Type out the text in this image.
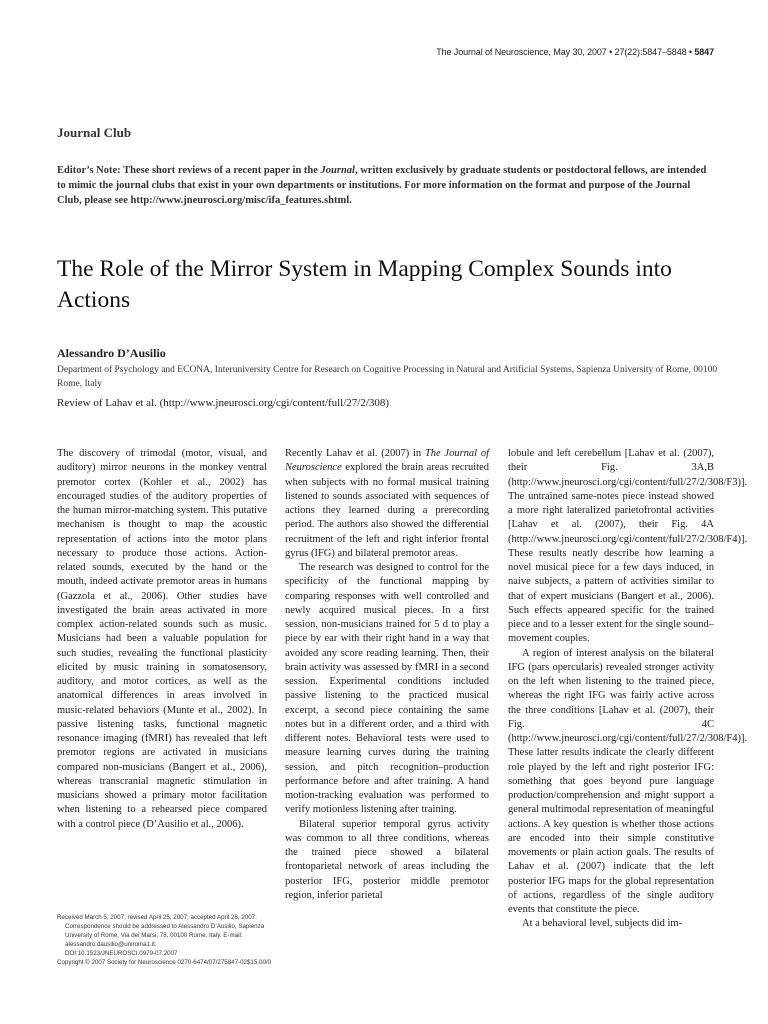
The Journal of Neuroscience, May 30, 2007 • 27(22):5847–5848 • 5847
Journal Club
Editor’s Note: These short reviews of a recent paper in the Journal, written exclusively by graduate students or postdoctoral fellows, are intended to mimic the journal clubs that exist in your own departments or institutions. For more information on the format and purpose of the Journal Club, please see http://www.jneurosci.org/misc/ifa_features.shtml.
The Role of the Mirror System in Mapping Complex Sounds into Actions
Alessandro D’Ausilio
Department of Psychology and ECONA, Interuniversity Centre for Research on Cognitive Processing in Natural and Artificial Systems, Sapienza University of Rome, 00100 Rome, Italy
Review of Lahav et al. (http://www.jneurosci.org/cgi/content/full/27/2/308)

The discovery of trimodal (motor, visual, and auditory) mirror neurons in the monkey ventral premotor cortex (Kohler et al., 2002) has encouraged studies of the auditory properties of the human mirror-matching system. This putative mechanism is thought to map the acoustic representation of actions into the motor plans necessary to produce those actions. Action-related sounds, executed by the hand or the mouth, indeed activate premotor areas in humans (Gazzola et al., 2006). Other studies have investigated the brain areas activated in more complex action-related sounds such as music. Musicians had been a valuable population for such studies, revealing the functional plasticity elicited by music training in somatosensory, auditory, and motor cortices, as well as the anatomical differences in areas involved in music-related behaviors (Munte et al., 2002). In passive listening tasks, functional magnetic resonance imaging (fMRI) has revealed that left premotor regions are activated in musicians compared non-musicians (Bangert et al., 2006), whereas transcranial magnetic stimulation in musicians showed a primary motor facilitation when listening to a rehearsed piece compared with a control piece (D’Ausilio et al., 2006).

Recently Lahav et al. (2007) in The Journal of Neuroscience explored the brain areas recruited when subjects with no formal musical training listened to sounds associated with sequences of actions they learned during a prerecording period. The authors also showed the differential recruitment of the left and right inferior frontal gyrus (IFG) and bilateral premotor areas.

The research was designed to control for the specificity of the functional mapping by comparing responses with well controlled and newly acquired musical pieces. In a first session, non-musicians trained for 5 d to play a piece by ear with their right hand in a way that avoided any score reading learning. Then, their brain activity was assessed by fMRI in a second session. Experimental conditions included passive listening to the practiced musical excerpt, a second piece containing the same notes but in a different order, and a third with different notes. Behavioral tests were used to measure learning curves during the training session, and pitch recognition–production performance before and after training. A hand motion-tracking evaluation was performed to verify motionless listening after training.

Bilateral superior temporal gyrus activity was common to all three conditions, whereas the trained piece showed a bilateral frontoparietal network of areas including the posterior IFG, posterior middle premotor region, inferior parietal

lobule and left cerebellum [Lahav et al. (2007), their Fig. 3A,B (http://www.jneurosci.org/cgi/content/full/27/2/308/F3)]. The untrained same-notes piece instead showed a more right lateralized parietofrontal activities [Lahav et al. (2007), their Fig. 4A (http://www.jneurosci.org/cgi/content/full/27/2/308/F4)]. These results neatly describe how learning a novel musical piece for a few days induced, in naive subjects, a pattern of activities similar to that of expert musicians (Bangert et al., 2006). Such effects appeared specific for the trained piece and to a lesser extent for the single sound–movement couples.

A region of interest analysis on the bilateral IFG (pars opercularis) revealed stronger activity on the left when listening to the trained piece, whereas the right IFG was fairly active across the three conditions [Lahav et al. (2007), their Fig. 4C (http://www.jneurosci.org/cgi/content/full/27/2/308/F4)]. These latter results indicate the clearly different role played by the left and right posterior IFG: something that goes beyond pure language production/comprehension and might support a general multimodal representation of meaningful actions. A key question is whether those actions are encoded into their simple constitutive movements or plain action goals. The results of Lahav et al. (2007) indicate that the left posterior IFG maps for the global representation of actions, regardless of the single auditory events that constitute the piece.

At a behavioral level, subjects did im-

Received March 5, 2007; revised April 25, 2007; accepted April 26, 2007.
Correspondence should be addressed to Alessandro D’Ausilio, Sapienza University of Rome, Via dei Marsi, 78, 00100 Rome, Italy. E-mail: alessandro.dausilio@uniroma1.it.
DOI:10.1523/JNEUROSCI.0979-07.2007
Copyright © 2007 Society for Neuroscience 0270-6474/07/275847-02$15.00/0
